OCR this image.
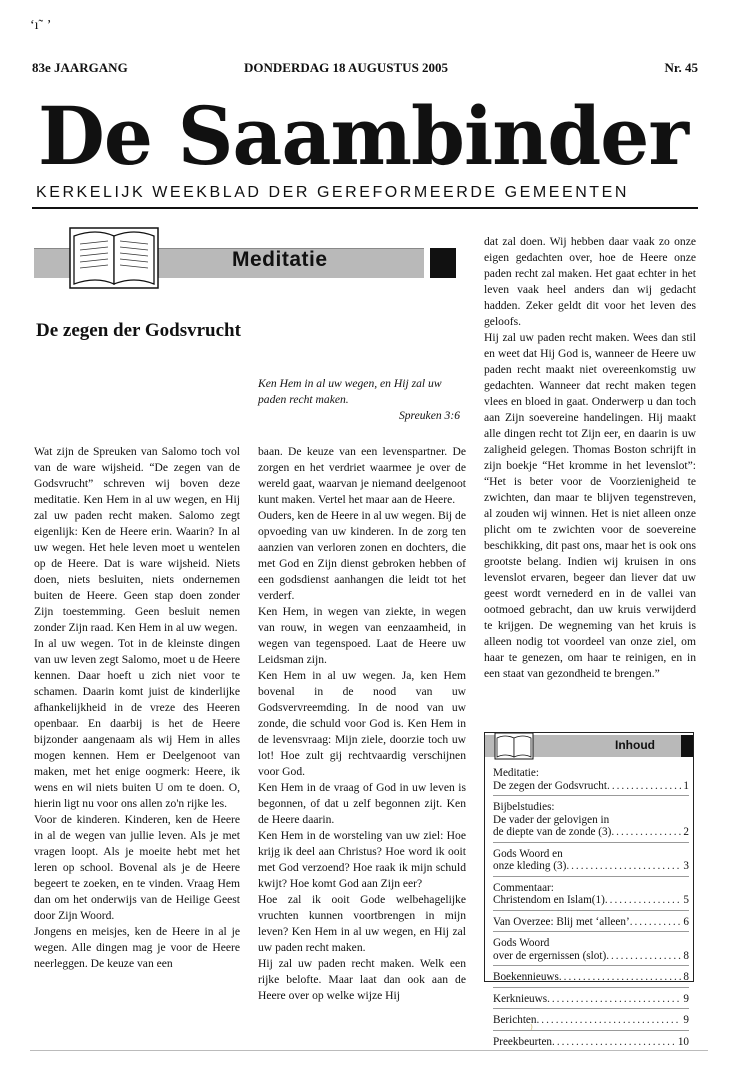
‘ı˜ ’
83e JAARGANG	DONDERDAG 18 AUGUSTUS 2005	Nr. 45
De Saambinder
KERKELIJK WEEKBLAD DER GEREFORMEERDE GEMEENTEN
Meditatie
De zegen der Godsvrucht
Ken Hem in al uw wegen, en Hij zal uw paden recht maken.
Spreuken 3:6

Wat zijn de Spreuken van Salomo toch vol van de ware wijsheid. “De zegen van de Godsvrucht” schreven wij boven deze meditatie. Ken Hem in al uw wegen, en Hij zal uw paden recht maken. Salomo zegt eigenlijk: Ken de Heere erin. Waarin? In al uw wegen. Het hele leven moet u wentelen op de Heere. Dat is ware wijsheid. Niets doen, niets besluiten, niets ondernemen buiten de Heere. Geen stap doen zonder Zijn toestemming. Geen besluit nemen zonder Zijn raad. Ken Hem in al uw wegen.

In al uw wegen. Tot in de kleinste dingen van uw leven zegt Salomo, moet u de Heere kennen. Daar hoeft u zich niet voor te schamen. Daarin komt juist de kinderlijke afhankelijkheid in de vreze des Heeren openbaar. En daarbij is het de Heere bijzonder aangenaam als wij Hem in alles mogen kennen. Hem er Deelgenoot van maken, met het enige oogmerk: Heere, ik wens en wil niets buiten U om te doen. O, hierin ligt nu voor ons allen zo'n rijke les.

Voor de kinderen. Kinderen, ken de Heere in al de wegen van jullie leven. Als je met vragen loopt. Als je moeite hebt met het leren op school. Bovenal als je de Heere begeert te zoeken, en te vinden. Vraag Hem dan om het onderwijs van de Heilige Geest door Zijn Woord.

Jongens en meisjes, ken de Heere in al je wegen. Alle dingen mag je voor de Heere neerleggen. De keuze van een

baan. De keuze van een levenspartner. De zorgen en het verdriet waarmee je over de wereld gaat, waarvan je niemand deelgenoot kunt maken. Vertel het maar aan de Heere.

Ouders, ken de Heere in al uw wegen. Bij de opvoeding van uw kinderen. In de zorg ten aanzien van verloren zonen en dochters, die met God en Zijn dienst gebroken hebben of een godsdienst aanhangen die leidt tot het verderf.

Ken Hem, in wegen van ziekte, in wegen van rouw, in wegen van eenzaamheid, in wegen van tegenspoed. Laat de Heere uw Leidsman zijn.

Ken Hem in al uw wegen. Ja, ken Hem bovenal in de nood van uw Godsvervreemding. In de nood van uw zonde, die schuld voor God is. Ken Hem in de levensvraag: Mijn ziele, doorzie toch uw lot! Hoe zult gij rechtvaardig verschijnen voor God.

Ken Hem in de vraag of God in uw leven is begonnen, of dat u zelf begonnen zijt. Ken de Heere daarin.

Ken Hem in de worsteling van uw ziel: Hoe krijg ik deel aan Christus? Hoe word ik ooit met God verzoend? Hoe raak ik mijn schuld kwijt? Hoe komt God aan Zijn eer?

Hoe zal ik ooit Gode welbehagelijke vruchten kunnen voortbrengen in mijn leven? Ken Hem in al uw wegen, en Hij zal uw paden recht maken.

Hij zal uw paden recht maken. Welk een rijke belofte. Maar laat dan ook aan de Heere over op welke wijze Hij

dat zal doen. Wij hebben daar vaak zo onze eigen gedachten over, hoe de Heere onze paden recht zal maken. Het gaat echter in het leven vaak heel anders dan wij gedacht hadden. Zeker geldt dit voor het leven des geloofs.

Hij zal uw paden recht maken. Wees dan stil en weet dat Hij God is, wanneer de Heere uw paden recht maakt niet overeenkomstig uw gedachten. Wanneer dat recht maken tegen vlees en bloed in gaat. Onderwerp u dan toch aan Zijn soevereine handelingen. Hij maakt alle dingen recht tot Zijn eer, en daarin is uw zaligheid gelegen. Thomas Boston schrijft in zijn boekje “Het kromme in het levenslot”: “Het is beter voor de Voorzienigheid te zwichten, dan maar te blijven tegenstreven, al zouden wij winnen. Het is niet alleen onze plicht om te zwichten voor de soevereine beschikking, dit past ons, maar het is ook ons grootste belang. Indien wij kruisen in ons levenslot ervaren, begeer dan liever dat uw geest wordt vernederd en in de vallei van ootmoed gebracht, dan uw kruis verwijderd te krijgen. De wegneming van het kruis is alleen nodig tot voordeel van onze ziel, om haar te genezen, om haar te reinigen, en in een staat van gezondheid te brengen.”

Inhoud
Meditatie:
De zegen der Godsvrucht .....	1
Bijbelstudies:
De vader der gelovigen in
de diepte van de zonde (3) .....	2
Gods Woord en
onze kleding (3) .....	3
Commentaar:
Christendom en Islam(1) .....	5
Van Overzee: Blij met ‘alleen’ .....	6
Gods Woord
over de ergernissen (slot) .....	8
Boekennieuws .....	8
Kerknieuws .....	9
Berichten .....	9
Preekbeurten .....	10
⁾
